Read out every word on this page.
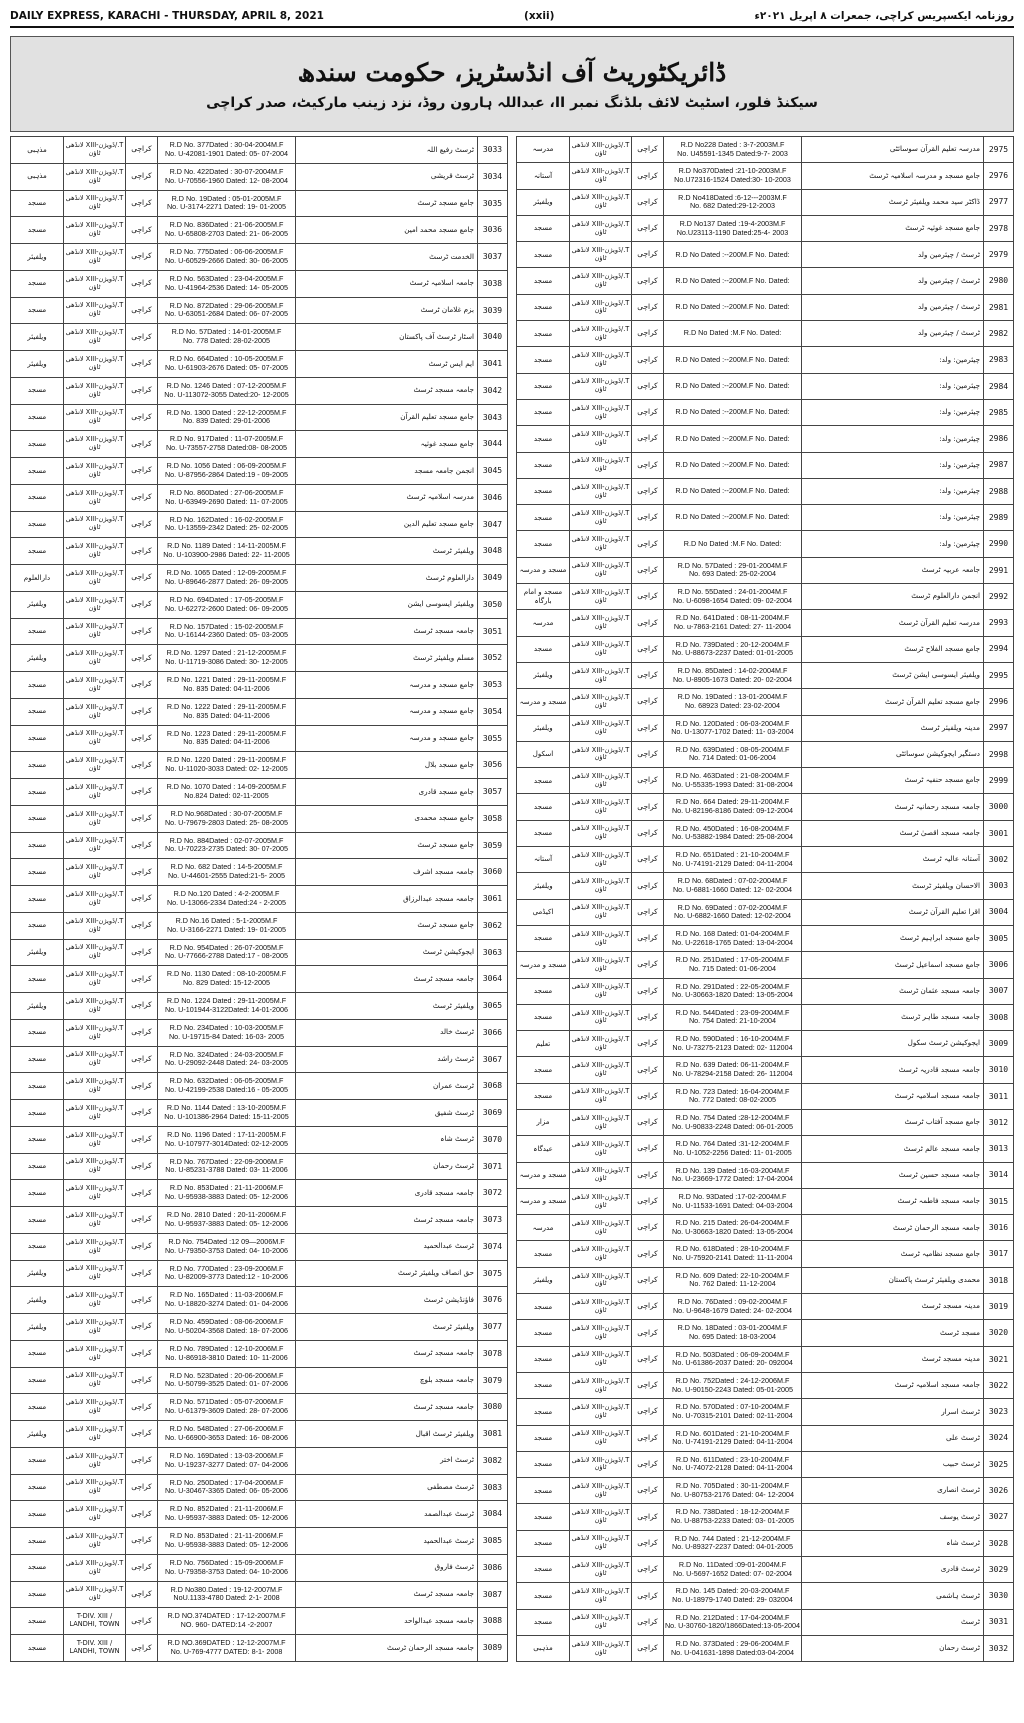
DAILY EXPRESS, KARACHI - THURSDAY, APRIL 8, 2021	(xxii)	روزنامہ ایکسپریس کراچی، جمعرات ۸ اپریل ۲۰۲۱ء
ڈائریکٹوریٹ آف انڈسٹریز، حکومت سندھ
سیکنڈ فلور، اسٹیٹ لائف بلڈنگ نمبر II، عبداللہ ہارون روڈ، نزد زینب مارکیٹ، صدر کراچی
2975	مدرسہ تعلیم القرآن سوسائٹی	R.D No228 Dated : 3-7-2003M.F
No. U45591-1345 Dated:9-7- 2003	کراچی	T./ڈویژن-XIII لانڈھی ٹاؤن	مدرسہ
2976	جامع مسجد و مدرسہ اسلامیہ ٹرسٹ	R.D No370Dated :21-10-2003M.F
No.U72316-1524 Dated:30- 10-2003	کراچی	T./ڈویژن-XIII لانڈھی ٹاؤن	آستانہ
2977	ڈاکٹر سید محمد ویلفیئر ٹرسٹ	R.D No418Dated :6-12---2003M.F
No. 682 Dated:29-12-2003	کراچی	T./ڈویژن-XIII لانڈھی ٹاؤن	ویلفیئر
2978	جامع مسجد غوثیہ ٹرسٹ	R.D No137 Dated :19-4-2003M.F
No.U23113-1190 Dated:25-4- 2003	کراچی	T./ڈویژن-XIII لانڈھی ٹاؤن	مسجد
2979	ٹرسٹ / چیئرمین ولد	R.D No Dated :--200M.F No. Dated:	کراچی	T./ڈویژن-XIII لانڈھی ٹاؤن	مسجد
2980	ٹرسٹ / چیئرمین ولد	R.D No Dated :--200M.F No. Dated:	کراچی	T./ڈویژن-XIII لانڈھی ٹاؤن	مسجد
2981	ٹرسٹ / چیئرمین ولد	R.D No Dated :--200M.F No. Dated:	کراچی	T./ڈویژن-XIII لانڈھی ٹاؤن	مسجد
2982	ٹرسٹ / چیئرمین ولد	R.D No Dated :M.F No. Dated:	کراچی	T./ڈویژن-XIII لانڈھی ٹاؤن	مسجد
2983	چیئرمین: ولد:	R.D No Dated :--200M.F No. Dated:	کراچی	T./ڈویژن-XIII لانڈھی ٹاؤن	مسجد
2984	چیئرمین: ولد:	R.D No Dated :--200M.F No. Dated:	کراچی	T./ڈویژن-XIII لانڈھی ٹاؤن	مسجد
2985	چیئرمین: ولد:	R.D No Dated :--200M.F No. Dated:	کراچی	T./ڈویژن-XIII لانڈھی ٹاؤن	مسجد
2986	چیئرمین: ولد:	R.D No Dated :--200M.F No. Dated:	کراچی	T./ڈویژن-XIII لانڈھی ٹاؤن	مسجد
2987	چیئرمین: ولد:	R.D No Dated :--200M.F No. Dated:	کراچی	T./ڈویژن-XIII لانڈھی ٹاؤن	مسجد
2988	چیئرمین: ولد:	R.D No Dated :--200M.F No. Dated:	کراچی	T./ڈویژن-XIII لانڈھی ٹاؤن	مسجد
2989	چیئرمین: ولد:	R.D No Dated :--200M.F No. Dated:	کراچی	T./ڈویژن-XIII لانڈھی ٹاؤن	مسجد
2990	چیئرمین: ولد:	R.D No Dated :M.F No. Dated:	کراچی	T./ڈویژن-XIII لانڈھی ٹاؤن	مسجد
2991	جامعہ عربیہ ٹرسٹ	R.D No. 57Dated : 29-01-2004M.F
No. 693 Dated: 25-02-2004	کراچی	T./ڈویژن-XIII لانڈھی ٹاؤن	مسجد و مدرسہ
2992	انجمن دارالعلوم ٹرسٹ	R.D No. 55Dated : 24-01-2004M.F
No. U-6098-1654 Dated: 09- 02-2004	کراچی	T./ڈویژن-XIII لانڈھی ٹاؤن	مسجد و امام بارگاہ
2993	مدرسہ تعلیم القرآن ٹرسٹ	R.D No. 641Dated : 08-11-2004M.F
No. u-7863-2161 Dated: 27- 11-2004	کراچی	T./ڈویژن-XIII لانڈھی ٹاؤن	مدرسہ
2994	جامع مسجد الفلاح ٹرسٹ	R.D No. 739Dated : 20-12-2004M.F
No. U-88673-2237 Dated: 01-01-2005	کراچی	T./ڈویژن-XIII لانڈھی ٹاؤن	مسجد
2995	ویلفیئر ایسوسی ایشن ٹرسٹ	R.D No. 85Dated : 14-02-2004M.F
No. U-8905-1673 Dated: 20- 02-2004	کراچی	T./ڈویژن-XIII لانڈھی ٹاؤن	ویلفیئر
2996	جامع مسجد تعلیم القرآن ٹرسٹ	R.D No. 19Dated : 13-01-2004M.F
No. 68923 Dated: 23-02-2004	کراچی	T./ڈویژن-XIII لانڈھی ٹاؤن	مسجد و مدرسہ
2997	مدینہ ویلفیئر ٹرسٹ	R.D No. 120Dated : 06-03-2004M.F
No. U-13077-1702 Dated: 11- 03-2004	کراچی	T./ڈویژن-XIII لانڈھی ٹاؤن	ویلفیئر
2998	دستگیر ایجوکیشن سوسائٹی	R.D No. 639Dated : 08-05-2004M.F
No. 714 Dated: 01-06-2004	کراچی	T./ڈویژن-XIII لانڈھی ٹاؤن	اسکول
2999	جامع مسجد حنفیہ ٹرسٹ	R.D No. 463Dated : 21-08-2004M.F
No. U-55335-1993 Dated: 31-08-2004	کراچی	T./ڈویژن-XIII لانڈھی ٹاؤن	مسجد
3000	جامعہ مسجد رحمانیہ ٹرسٹ	R.D No. 664 Dated: 29-11-2004M.F
No. U-82196-8186 Dated: 09-12-2004	کراچی	T./ڈویژن-XIII لانڈھی ٹاؤن	مسجد
3001	جامعہ مسجد اقصیٰ ٹرسٹ	R.D No. 450Dated : 16-08-2004M.F
No. U-53882-1984 Dated: 25-08-2004	کراچی	T./ڈویژن-XIII لانڈھی ٹاؤن	مسجد
3002	آستانہ عالیہ ٹرسٹ	R.D No. 651Dated : 21-10-2004M.F
No. U-74191-2129 Dated: 04-11-2004	کراچی	T./ڈویژن-XIII لانڈھی ٹاؤن	آستانہ
3003	الاحسان ویلفیئر ٹرسٹ	R.D No. 68Dated : 07-02-2004M.F
No. U-6881-1660 Dated: 12- 02-2004	کراچی	T./ڈویژن-XIII لانڈھی ٹاؤن	ویلفیئر
3004	اقرا تعلیم القرآن ٹرسٹ	R.D No. 69Dated : 07-02-2004M.F
No. U-6882-1660 Dated: 12-02-2004	کراچی	T./ڈویژن-XIII لانڈھی ٹاؤن	اکیڈمی
3005	جامع مسجد ابراہیم ٹرسٹ	R.D No. 168 Dated: 01-04-2004M.F
No. U-22618-1765 Dated: 13-04-2004	کراچی	T./ڈویژن-XIII لانڈھی ٹاؤن	مسجد
3006	جامع مسجد اسماعیل ٹرسٹ	R.D No. 251Dated : 17-05-2004M.F
No. 715 Dated: 01-06-2004	کراچی	T./ڈویژن-XIII لانڈھی ٹاؤن	مسجد و مدرسہ
3007	جامعہ مسجد عثمان ٹرسٹ	R.D No. 291Dated : 22-05-2004M.F
No. U-30663-1820 Dated: 13-05-2004	کراچی	T./ڈویژن-XIII لانڈھی ٹاؤن	مسجد
3008	جامعہ مسجد طاہر ٹرسٹ	R.D No. 544Dated : 23-09-2004M.F
No. 754 Dated: 21-10-2004	کراچی	T./ڈویژن-XIII لانڈھی ٹاؤن	مسجد
3009	ایجوکیشن ٹرسٹ سکول	R.D No. 590Dated : 16-10-2004M.F
No. U-73275-2123 Dated: 02- 112004	کراچی	T./ڈویژن-XIII لانڈھی ٹاؤن	تعلیم
3010	جامعہ مسجد قادریہ ٹرسٹ	R.D No. 639 Dated: 06-11-2004M.F
No. U-78294-2158 Dated: 26- 112004	کراچی	T./ڈویژن-XIII لانڈھی ٹاؤن	مسجد
3011	جامعہ مسجد اسلامیہ ٹرسٹ	R.D No. 723 Dated: 16-04-2004M.F
No. 772 Dated: 08-02-2005	کراچی	T./ڈویژن-XIII لانڈھی ٹاؤن	مسجد
3012	جامع مسجد آفتاب ٹرسٹ	R.D No. 754 Dated :28-12-2004M.F
No. U-90833-2248 Dated: 06-01-2005	کراچی	T./ڈویژن-XIII لانڈھی ٹاؤن	مزار
3013	جامعہ مسجد عالم ٹرسٹ	R.D No. 764 Dated :31-12-2004M.F
No. U-1052-2256 Dated: 11- 01-2005	کراچی	T./ڈویژن-XIII لانڈھی ٹاؤن	عیدگاہ
3014	جامعہ مسجد حسین ٹرسٹ	R.D No. 139 Dated :16-03-2004M.F
No. U-23669-1772 Dated: 17-04-2004	کراچی	T./ڈویژن-XIII لانڈھی ٹاؤن	مسجد و مدرسہ
3015	جامعہ مسجد فاطمہ ٹرسٹ	R.D No. 93Dated :17-02-2004M.F
No. U-11533-1691 Dated: 04-03-2004	کراچی	T./ڈویژن-XIII لانڈھی ٹاؤن	مسجد و مدرسہ
3016	جامعہ مسجد الرحمان ٹرسٹ	R.D No. 215 Dated: 26-04-2004M.F
No. U-30663-1820 Dated: 13-05-2004	کراچی	T./ڈویژن-XIII لانڈھی ٹاؤن	مدرسہ
3017	جامع مسجد نظامیہ ٹرسٹ	R.D No. 618Dated : 28-10-2004M.F
No. U-75920-2141 Dated: 11-11-2004	کراچی	T./ڈویژن-XIII لانڈھی ٹاؤن	مسجد
3018	محمدی ویلفیئر ٹرسٹ پاکستان	R.D No. 609 Dated: 22-10-2004M.F
No. 762 Dated: 11-12-2004	کراچی	T./ڈویژن-XIII لانڈھی ٹاؤن	ویلفیئر
3019	مدینہ مسجد ٹرسٹ	R.D No. 76Dated : 09-02-2004M.F
No. U-9648-1679 Dated: 24- 02-2004	کراچی	T./ڈویژن-XIII لانڈھی ٹاؤن	مسجد
3020	مسجد ٹرسٹ	R.D No. 18Dated : 03-01-2004M.F
No. 695 Dated: 18-03-2004	کراچی	T./ڈویژن-XIII لانڈھی ٹاؤن	مسجد
3021	مدینہ مسجد ٹرسٹ	R.D No. 503Dated : 06-09-2004M.F
No. U-61386-2037 Dated: 20- 092004	کراچی	T./ڈویژن-XIII لانڈھی ٹاؤن	مسجد
3022	جامعہ مسجد اسلامیہ ٹرسٹ	R.D No. 752Dated : 24-12-2006M.F
No. U-90150-2243 Dated: 05-01-2005	کراچی	T./ڈویژن-XIII لانڈھی ٹاؤن	مسجد
3023	ٹرسٹ اسرار	R.D No. 570Dated : 07-10-2004M.F
No. U-70315-2101 Dated: 02-11-2004	کراچی	T./ڈویژن-XIII لانڈھی ٹاؤن	مسجد
3024	ٹرسٹ علی	R.D No. 601Dated : 21-10-2004M.F
No. U-74191-2129 Dated: 04-11-2004	کراچی	T./ڈویژن-XIII لانڈھی ٹاؤن	مسجد
3025	ٹرسٹ حبیب	R.D No. 611Dated : 23-10-2004M.F
No. U-74072-2128 Dated: 04-11-2004	کراچی	T./ڈویژن-XIII لانڈھی ٹاؤن	مسجد
3026	ٹرسٹ انصاری	R.D No. 705Dated : 30-11-2004M.F
No. U-80753-2176 Dated: 04- 12-2004	کراچی	T./ڈویژن-XIII لانڈھی ٹاؤن	مسجد
3027	ٹرسٹ یوسف	R.D No. 738Dated : 18-12-2004M.F
No. U-88753-2233 Dated: 03- 01-2005	کراچی	T./ڈویژن-XIII لانڈھی ٹاؤن	مسجد
3028	ٹرسٹ شاہ	R.D No. 744 Dated : 21-12-2004M.F
No. U-89327-2237 Dated: 04-01-2005	کراچی	T./ڈویژن-XIII لانڈھی ٹاؤن	مسجد
3029	ٹرسٹ قادری	R.D No. 11Dated :09-01-2004M.F
No. U-5697-1652 Dated: 07- 02-2004	کراچی	T./ڈویژن-XIII لانڈھی ٹاؤن	مسجد
3030	ٹرسٹ ہاشمی	R.D No. 145 Dated: 20-03-2004M.F
No. U-18979-1740 Dated: 29- 032004	کراچی	T./ڈویژن-XIII لانڈھی ٹاؤن	مسجد
3031	ٹرسٹ	R.D No. 212Dated : 17-04-2004M.F
No. U-30760-1820/1866Dated:13-05-2004	کراچی	T./ڈویژن-XIII لانڈھی ٹاؤن	مسجد
3032	ٹرسٹ رحمان	R.D No. 373Dated : 29-06-2004M.F
No. U-041631-1898 Dated:03-04-2004	کراچی	T./ڈویژن-XIII لانڈھی ٹاؤن	مذہبی
3033	ٹرسٹ رفیع اللہ	R.D No. 377Dated : 30-04-2004M.F
No. U-42081-1901 Dated: 05- 07-2004	کراچی	T./ڈویژن-XIII لانڈھی ٹاؤن	مذہبی
3034	ٹرسٹ قریشی	R.D No. 422Dated : 30-07-2004M.F
No. U-70556-1960 Dated: 12- 08-2004	کراچی	T./ڈویژن-XIII لانڈھی ٹاؤن	مذہبی
3035	جامع مسجد ٹرسٹ	R.D No. 19Dated : 05-01-2005M.F
No. U-3174-2271 Dated: 19- 01-2005	کراچی	T./ڈویژن-XIII لانڈھی ٹاؤن	مسجد
3036	جامع مسجد محمد امین	R.D No. 836Dated : 21-06-2005M.F
No. U-65808-2703 Dated: 21- 06-2005	کراچی	T./ڈویژن-XIII لانڈھی ٹاؤن	مسجد
3037	الخدمت ٹرسٹ	R.D No. 775Dated : 06-06-2005M.F
No. U-60529-2666 Dated: 30- 06-2005	کراچی	T./ڈویژن-XIII لانڈھی ٹاؤن	ویلفیئر
3038	جامعہ اسلامیہ ٹرسٹ	R.D No. 563Dated : 23-04-2005M.F
No. U-41964-2536 Dated: 14- 05-2005	کراچی	T./ڈویژن-XIII لانڈھی ٹاؤن	مسجد
3039	بزم غلامان ٹرسٹ	R.D No. 872Dated : 29-06-2005M.F
No. U-63051-2684 Dated: 06- 07-2005	کراچی	T./ڈویژن-XIII لانڈھی ٹاؤن	مسجد
3040	اسٹار ٹرسٹ آف پاکستان	R.D No. 57Dated : 14-01-2005M.F
No. 778 Dated: 28-02-2005	کراچی	T./ڈویژن-XIII لانڈھی ٹاؤن	ویلفیئر
3041	ایم ایس ٹرسٹ	R.D No. 664Dated : 10-05-2005M.F
No. U-61903-2676 Dated: 05- 07-2005	کراچی	T./ڈویژن-XIII لانڈھی ٹاؤن	ویلفیئر
3042	جامعہ مسجد ٹرسٹ	R.D No. 1246 Dated : 07-12-2005M.F
No. U-113072-3055 Dated:20- 12-2005	کراچی	T./ڈویژن-XIII لانڈھی ٹاؤن	مسجد
3043	جامع مسجد تعلیم القرآن	R.D No. 1300 Dated : 22-12-2005M.F
No. 839 Dated: 29-01-2006	کراچی	T./ڈویژن-XIII لانڈھی ٹاؤن	مسجد
3044	جامع مسجد غوثیہ	R.D No. 917Dated : 11-07-2005M.F
No. U-73557-2758 Dated:08- 08-2005	کراچی	T./ڈویژن-XIII لانڈھی ٹاؤن	مسجد
3045	انجمن جامعہ مسجد	R.D No. 1056 Dated : 06-09-2005M.F
No. U-87956-2864 Dated:19 - 09-2005	کراچی	T./ڈویژن-XIII لانڈھی ٹاؤن	مسجد
3046	مدرسہ اسلامیہ ٹرسٹ	R.D No. 860Dated : 27-06-2005M.F
No. U-63949-2690 Dated: 11- 07-2005	کراچی	T./ڈویژن-XIII لانڈھی ٹاؤن	مسجد
3047	جامع مسجد تعلیم الدین	R.D No. 162Dated : 16-02-2005M.F
No. U-13559-2342 Dated: 25- 02-2005	کراچی	T./ڈویژن-XIII لانڈھی ٹاؤن	مسجد
3048	ویلفیئر ٹرسٹ	R.D No. 1189 Dated : 14-11-2005M.F
No. U-103900-2986 Dated: 22- 11-2005	کراچی	T./ڈویژن-XIII لانڈھی ٹاؤن	مسجد
3049	دارالعلوم ٹرسٹ	R.D No. 1065 Dated : 12-09-2005M.F
No. U-89646-2877 Dated: 26- 09-2005	کراچی	T./ڈویژن-XIII لانڈھی ٹاؤن	دارالعلوم
3050	ویلفیئر ایسوسی ایشن	R.D No. 694Dated : 17-05-2005M.F
No. U-62272-2600 Dated: 06- 09-2005	کراچی	T./ڈویژن-XIII لانڈھی ٹاؤن	ویلفیئر
3051	جامعہ مسجد ٹرسٹ	R.D No. 157Dated : 15-02-2005M.F
No. U-16144-2360 Dated: 05- 03-2005	کراچی	T./ڈویژن-XIII لانڈھی ٹاؤن	مسجد
3052	مسلم ویلفیئر ٹرسٹ	R.D No. 1297 Dated : 21-12-2005M.F
No. U-11719-3086 Dated: 30- 12-2005	کراچی	T./ڈویژن-XIII لانڈھی ٹاؤن	ویلفیئر
3053	جامع مسجد و مدرسہ	R.D No. 1221 Dated : 29-11-2005M.F
No. 835 Dated: 04-11-2006	کراچی	T./ڈویژن-XIII لانڈھی ٹاؤن	مسجد
3054	جامع مسجد و مدرسہ	R.D No. 1222 Dated : 29-11-2005M.F
No. 835 Dated: 04-11-2006	کراچی	T./ڈویژن-XIII لانڈھی ٹاؤن	مسجد
3055	جامع مسجد و مدرسہ	R.D No. 1223 Dated : 29-11-2005M.F
No. 835 Dated: 04-11-2006	کراچی	T./ڈویژن-XIII لانڈھی ٹاؤن	مسجد
3056	جامع مسجد بلال	R.D No. 1220 Dated : 29-11-2005M.F
No. U-11020-3033 Dated: 02- 12-2005	کراچی	T./ڈویژن-XIII لانڈھی ٹاؤن	مسجد
3057	جامع مسجد قادری	R.D No. 1070 Dated : 14-09-2005M.F
No.824 Dated: 02-11-2005	کراچی	T./ڈویژن-XIII لانڈھی ٹاؤن	مسجد
3058	جامع مسجد محمدی	R.D No.968Dated : 30-07-2005M.F
No. U-79679-2803 Dated: 25- 08-2005	کراچی	T./ڈویژن-XIII لانڈھی ٹاؤن	مسجد
3059	جامع مسجد ٹرسٹ	R.D No. 884Dated : 02-07-2005M.F
No. U-70223-2735 Dated: 30- 07-2005	کراچی	T./ڈویژن-XIII لانڈھی ٹاؤن	مسجد
3060	جامعہ مسجد اشرف	R.D No. 682 Dated : 14-5-2005M.F
No. U-44601-2555 Dated:21-5- 2005	کراچی	T./ڈویژن-XIII لانڈھی ٹاؤن	مسجد
3061	جامعہ مسجد عبدالرزاق	R.D No.120 Dated : 4-2-2005M.F
No. U-13066-2334 Dated:24 - 2-2005	کراچی	T./ڈویژن-XIII لانڈھی ٹاؤن	مسجد
3062	جامع مسجد ٹرسٹ	R.D No.16 Dated : 5-1-2005M.F
No. U-3166-2271 Dated: 19- 01-2005	کراچی	T./ڈویژن-XIII لانڈھی ٹاؤن	مسجد
3063	ایجوکیشن ٹرسٹ	R.D No. 954Dated : 26-07-2005M.F
No. U-77666-2788 Dated:17 - 08-2005	کراچی	T./ڈویژن-XIII لانڈھی ٹاؤن	ویلفیئر
3064	جامعہ مسجد ٹرسٹ	R.D No. 1130 Dated : 08-10-2005M.F
No. 829 Dated: 15-12-2005	کراچی	T./ڈویژن-XIII لانڈھی ٹاؤن	مسجد
3065	ویلفیئر ٹرسٹ	R.D No. 1224 Dated : 29-11-2005M.F
No. U-101944-3122Dated: 14-01-2006	کراچی	T./ڈویژن-XIII لانڈھی ٹاؤن	ویلفیئر
3066	ٹرسٹ خالد	R.D No. 234Dated : 10-03-2005M.F
No. U-19715-84 Dated: 16-03- 2005	کراچی	T./ڈویژن-XIII لانڈھی ٹاؤن	مسجد
3067	ٹرسٹ راشد	R.D No. 324Dated : 24-03-2005M.F
No. U-29092-2448 Dated: 24- 03-2005	کراچی	T./ڈویژن-XIII لانڈھی ٹاؤن	مسجد
3068	ٹرسٹ عمران	R.D No. 632Dated : 06-05-2005M.F
No. U-42199-2538 Dated:16 - 05-2005	کراچی	T./ڈویژن-XIII لانڈھی ٹاؤن	مسجد
3069	ٹرسٹ شفیق	R.D No. 1144 Dated : 13-10-2005M.F
No. U-101386-2964 Dated: 15-11-2005	کراچی	T./ڈویژن-XIII لانڈھی ٹاؤن	مسجد
3070	ٹرسٹ شاہ	R.D No. 1196 Dated : 17-11-2005M.F
No. U-107977-3014Dated: 02-12-2005	کراچی	T./ڈویژن-XIII لانڈھی ٹاؤن	مسجد
3071	ٹرسٹ رحمان	R.D No. 767Dated : 22-09-2006M.F
No. U-85231-3788 Dated: 03- 11-2006	کراچی	T./ڈویژن-XIII لانڈھی ٹاؤن	مسجد
3072	جامعہ مسجد قادری	R.D No. 853Dated : 21-11-2006M.F
No. U-95938-3883 Dated: 05- 12-2006	کراچی	T./ڈویژن-XIII لانڈھی ٹاؤن	مسجد
3073	جامعہ مسجد ٹرسٹ	R.D No. 2810 Dated : 20-11-2006M.F
No. U-95937-3883 Dated: 05- 12-2006	کراچی	T./ڈویژن-XIII لانڈھی ٹاؤن	مسجد
3074	ٹرسٹ عبدالحمید	R.D No. 754Dated :12 09—2006M.F
No. U-79350-3753 Dated: 04- 10-2006	کراچی	T./ڈویژن-XIII لانڈھی ٹاؤن	مسجد
3075	حق انصاف ویلفیئر ٹرسٹ	R.D No. 770Dated : 23-09-2006M.F
No. U-82009-3773 Dated:12 - 10-2006	کراچی	T./ڈویژن-XIII لانڈھی ٹاؤن	ویلفیئر
3076	فاؤنڈیشن ٹرسٹ	R.D No. 165Dated : 11-03-2006M.F
No. U-18820-3274 Dated: 01- 04-2006	کراچی	T./ڈویژن-XIII لانڈھی ٹاؤن	ویلفیئر
3077	ویلفیئر ٹرسٹ	R.D No. 459Dated : 08-06-2006M.F
No. U-50204-3568 Dated: 18- 07-2006	کراچی	T./ڈویژن-XIII لانڈھی ٹاؤن	ویلفیئر
3078	جامعہ مسجد ٹرسٹ	R.D No. 789Dated : 12-10-2006M.F
No. U-86918-3810 Dated: 10- 11-2006	کراچی	T./ڈویژن-XIII لانڈھی ٹاؤن	مسجد
3079	جامعہ مسجد بلوچ	R.D No. 523Dated : 20-06-2006M.F
No. U-50799-3525 Dated: 01- 07-2006	کراچی	T./ڈویژن-XIII لانڈھی ٹاؤن	مسجد
3080	جامعہ مسجد ٹرسٹ	R.D No. 571Dated : 05-07-2006M.F
No. U-61379-3609 Dated: 28- 07-2006	کراچی	T./ڈویژن-XIII لانڈھی ٹاؤن	مسجد
3081	ویلفیئر ٹرسٹ اقبال	R.D No. 548Dated : 27-06-2006M.F
No. U-66900-3653 Dated: 16- 08-2006	کراچی	T./ڈویژن-XIII لانڈھی ٹاؤن	ویلفیئر
3082	ٹرسٹ اختر	R.D No. 169Dated : 13-03-2006M.F
No. U-19237-3277 Dated: 07- 04-2006	کراچی	T./ڈویژن-XIII لانڈھی ٹاؤن	مسجد
3083	ٹرسٹ مصطفی	R.D No. 250Dated : 17-04-2006M.F
No. U-30467-3365 Dated: 06- 05-2006	کراچی	T./ڈویژن-XIII لانڈھی ٹاؤن	مسجد
3084	ٹرسٹ عبدالصمد	R.D No. 852Dated : 21-11-2006M.F
No. U-95937-3883 Dated: 05- 12-2006	کراچی	T./ڈویژن-XIII لانڈھی ٹاؤن	مسجد
3085	ٹرسٹ عبدالحمید	R.D No. 853Dated : 21-11-2006M.F
No. U-95938-3883 Dated: 05- 12-2006	کراچی	T./ڈویژن-XIII لانڈھی ٹاؤن	مسجد
3086	ٹرسٹ فاروق	R.D No. 756Dated : 15-09-2006M.F
No. U-79358-3753 Dated: 04- 10-2006	کراچی	T./ڈویژن-XIII لانڈھی ٹاؤن	مسجد
3087	جامعہ مسجد ٹرسٹ	R.D No380.Dated : 19-12-2007M.F
NoU.1133-4780 Dated: 2-1- 2008	کراچی	T./ڈویژن-XIII لانڈھی ٹاؤن	مسجد
3088	جامعہ مسجد عبدالواحد	R.D NO.374DATED : 17-12-2007M.F
NO. 960- DATED:14 -2-2007	کراچی	T-DIV. XIII / LANDHI, TOWN	مسجد
3089	جامعہ مسجد الرحمان ٹرسٹ	R.D NO.369DATED : 12-12-2007M.F
No. U-769-4777 DATED: 8-1- 2008	کراچی	T-DIV. XIII / LANDHI, TOWN	مسجد
